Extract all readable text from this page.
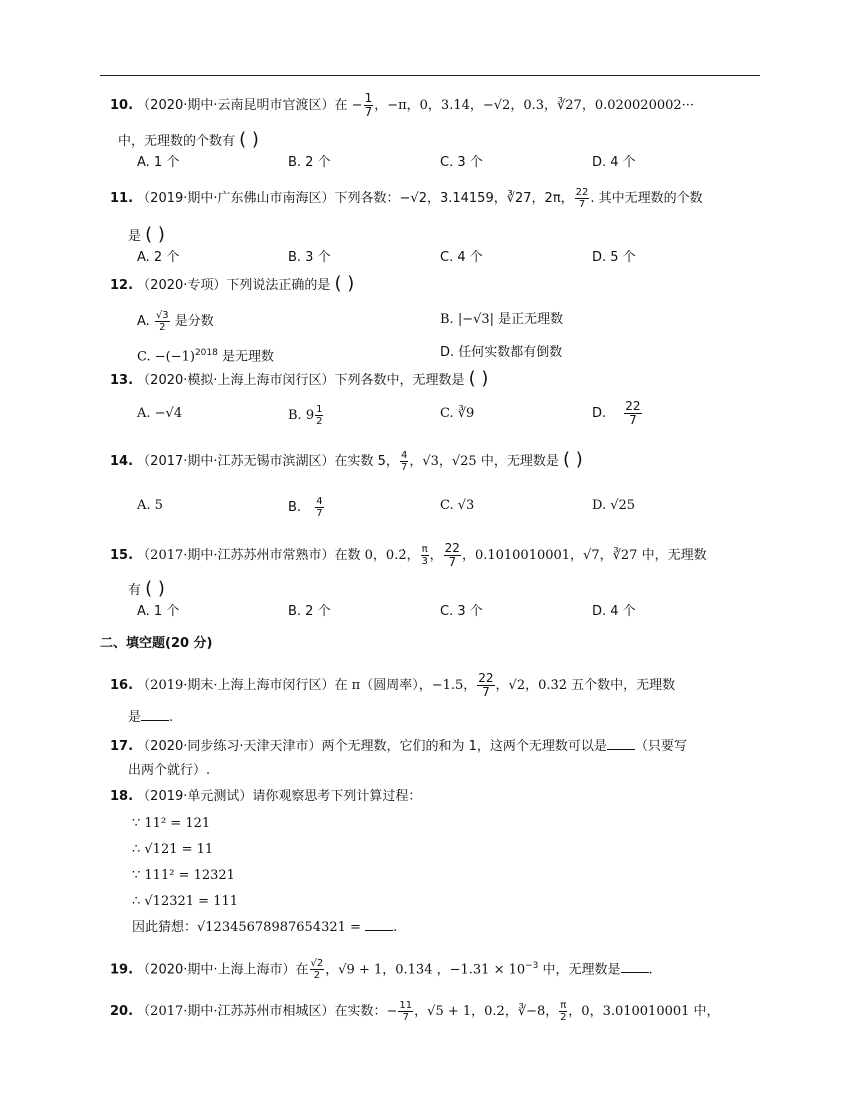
10. （2020·期中·云南昆明市官渡区）在 − $\frac{1}{7}$ ，−π，0，3.14，−√2，0.3，∛27，0.020020002···
中，无理数的个数有 ( )
A. 1 个	B. 2 个	C. 3 个	D. 4 个
11. （2019·期中·广东佛山市南海区）下列各数：−√2，3.14159，∛27，2π， $\frac{22}{7}$ . 其中无理数的个数
是 ( )
A. 2 个	B. 3 个	C. 4 个	D. 5 个
12. （2020·专项）下列说法正确的是 ( )
A. $\frac{√3}{2}$ 是分数	B. |−√3| 是正无理数
C. $-(-1)^{2018}$ 是无理数	D. 任何实数都有倒数
13. （2020·模拟·上海上海市闵行区）下列各数中，无理数是 ( )
A. −√4	B. $9 \frac{1}{2}$	C. ∛9	D. $\frac{22}{7}$
14. （2017·期中·江苏无锡市滨湖区）在实数 5， $\frac{4}{7}$ ，√3，√25 中，无理数是 ( )
A. 5	B. $\frac{4}{7}$	C. √3	D. √25
15. （2017·期中·江苏苏州市常熟市）在数 0，0.2̇， $\frac{\pi}{3}$ ， $\frac{22}{7}$ ，0.1010010001，√7，∛27 中，无理数
有 ( )
A. 1 个	B. 2 个	C. 3 个	D. 4 个
二、填空题(20 分)
16. （2019·期末·上海上海市闵行区）在 π（圆周率），−1.5， $\frac{22}{7}$ ，√2，0.3̇2̇ 五个数中，无理数
是 .
17. （2020·同步练习·天津天津市）两个无理数，它们的和为 1，这两个无理数可以是 （只要写
出两个就行）.
18. （2019·单元测试）请你观察思考下列计算过程：
∵ 11² = 121
∴ √121 = 11
∵ 111² = 12321
∴ √12321 = 111
因此猜想：√12345678987654321 = .
19. （2020·期中·上海上海市）在 $\frac{√2}{2}$ ，√9 + 1，0.13̇4̇ ，$-1.31 \times 10^{-3}$ 中，无理数是 .
20. （2017·期中·江苏苏州市相城区）在实数：− $\frac{11}{7}$ ，√5 + 1，0.2，∛−8， $\frac{\pi}{2}$ ，0，3.010010001 中，
